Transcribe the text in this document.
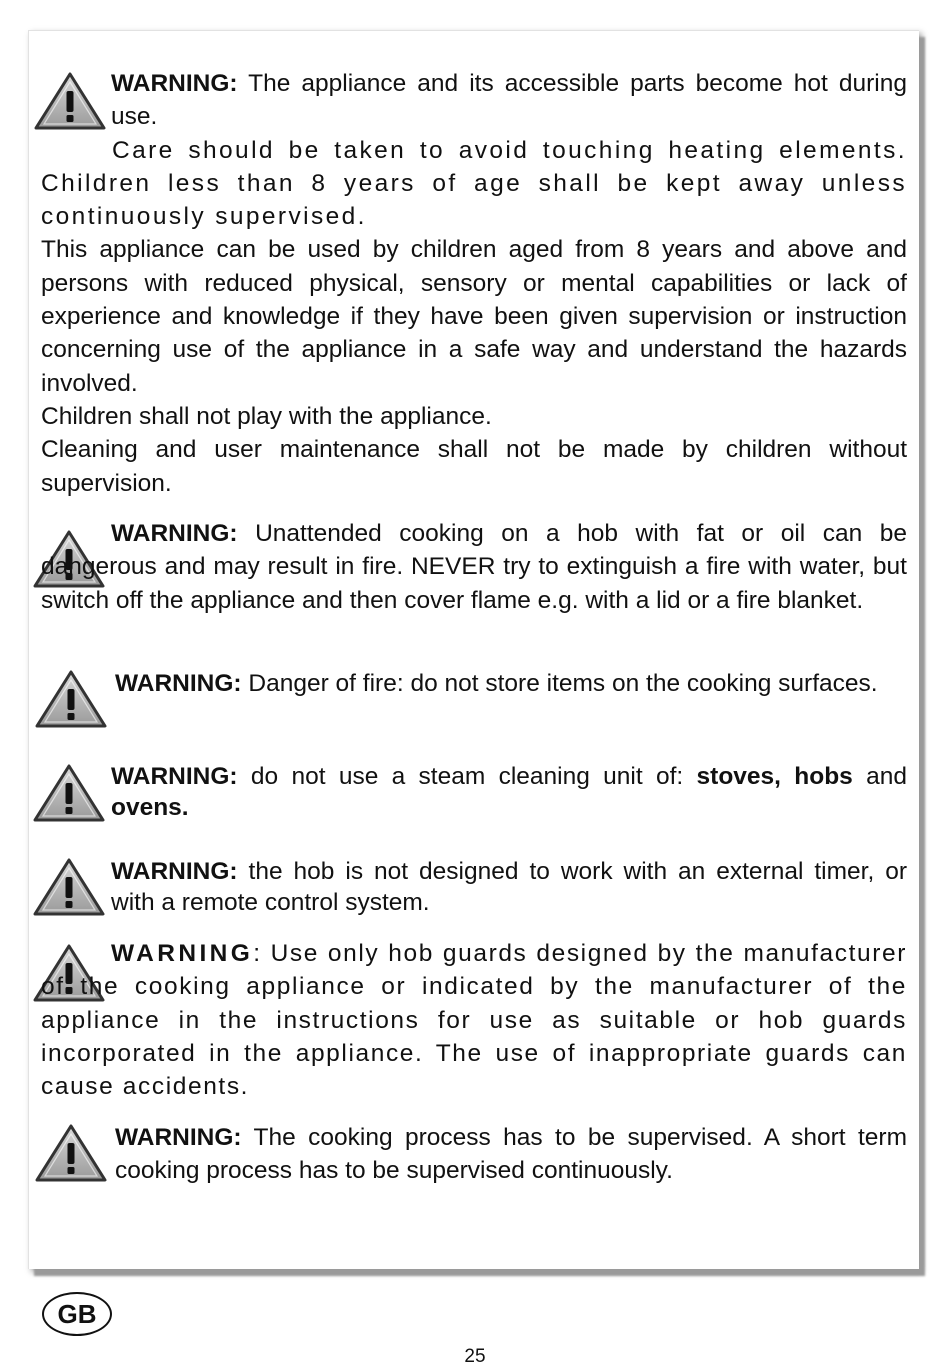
WARNING: The appliance and its accessible parts become hot during use.

Care should be taken to avoid touching heating elements. Children less than 8 years of age shall be kept away unless continuously supervised.

This appliance can be used by children aged from 8 years and above and persons with reduced physical, sensory or mental capabilities or lack of experience and knowledge if they have been given supervision or instruction concerning use of the appliance in a safe way and understand the hazards involved.

Children shall not play with the appliance.

Cleaning and user maintenance shall not be made by children without supervision.

WARNING: Unattended cooking on a hob with fat or oil can be dangerous and may result in fire. NEVER try to extinguish a fire with water, but switch off the appliance and then cover flame e.g. with a lid or a fire blanket.

WARNING: Danger of fire: do not store items on the cooking surfaces.

WARNING: do not use a steam cleaning unit of: stoves, hobs and ovens.

WARNING: the hob is not designed to work with an external timer, or with a remote control system.

WARNING: Use only hob guards designed by the manufacturer of the cooking appliance or indicated by the manufacturer of the appliance in the instructions for use as suitable or hob guards incorporated in the appliance. The use of inappropriate guards can cause accidents.

WARNING: The cooking process has to be supervised. A short term cooking process has to be supervised continuously.

GB
25
